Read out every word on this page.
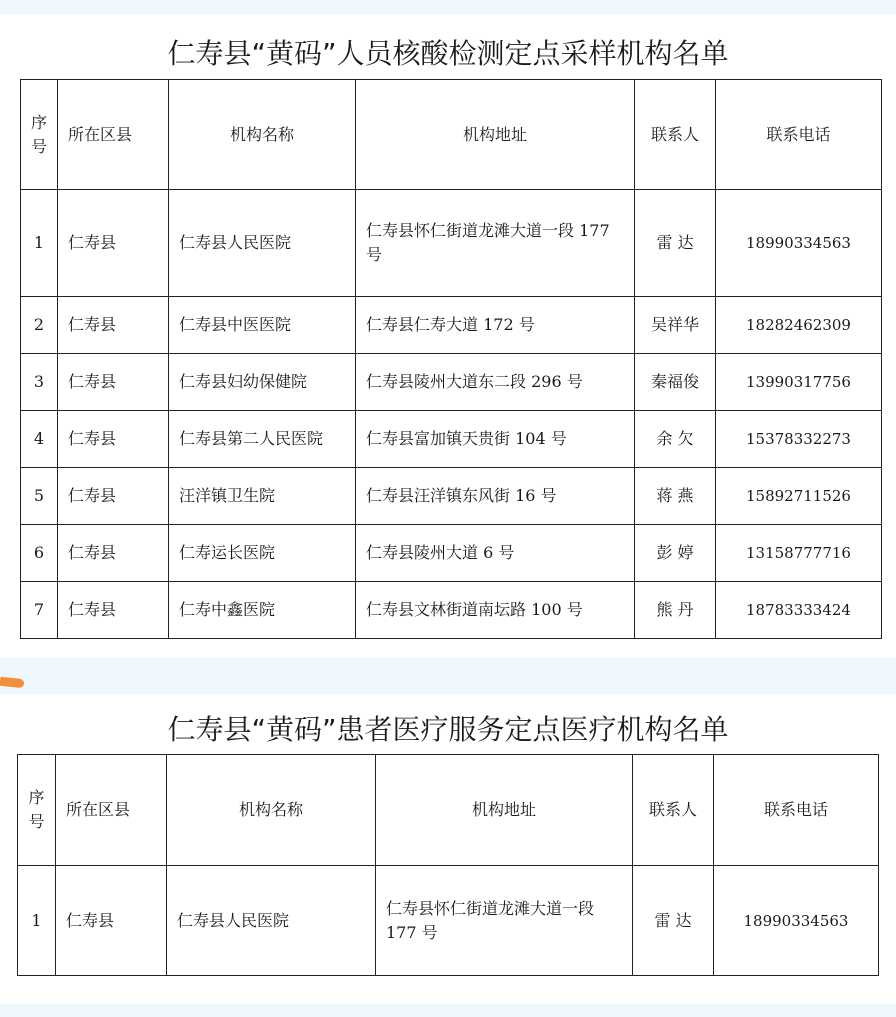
仁寿县“黄码”人员核酸检测定点采样机构名单
序号	所在区县	机构名称	机构地址	联系人	联系电话
1	仁寿县	仁寿县人民医院	仁寿县怀仁街道龙滩大道一段 177 号	雷 达	18990334563
2	仁寿县	仁寿县中医医院	仁寿县仁寿大道 172 号	吴祥华	18282462309
3	仁寿县	仁寿县妇幼保健院	仁寿县陵州大道东二段 296 号	秦福俊	13990317756
4	仁寿县	仁寿县第二人民医院	仁寿县富加镇天贵街 104 号	余 欠	15378332273
5	仁寿县	汪洋镇卫生院	仁寿县汪洋镇东风街 16 号	蒋 燕	15892711526
6	仁寿县	仁寿运长医院	仁寿县陵州大道 6 号	彭 婷	13158777716
7	仁寿县	仁寿中鑫医院	仁寿县文林街道南坛路 100 号	熊 丹	18783333424
仁寿县“黄码”患者医疗服务定点医疗机构名单
序号	所在区县	机构名称	机构地址	联系人	联系电话
1	仁寿县	仁寿县人民医院	仁寿县怀仁街道龙滩大道一段 177 号	雷 达	18990334563
